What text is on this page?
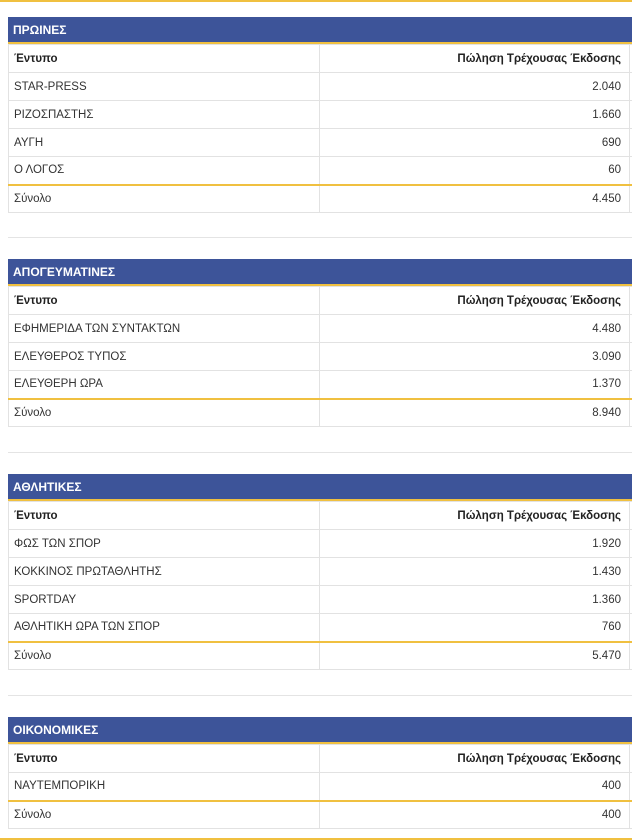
ΠΡΩΙΝΕΣ
Έντυπο	Πώληση Τρέχουσας Έκδοσης	
STAR-PRESS	2.040	
ΡΙΖΟΣΠΑΣΤΗΣ	1.660	
ΑΥΓΗ	690	
Ο ΛΟΓΟΣ	60	
Σύνολο	4.450	
ΑΠΟΓΕΥΜΑΤΙΝΕΣ
Έντυπο	Πώληση Τρέχουσας Έκδοσης	
ΕΦΗΜΕΡΙΔΑ ΤΩΝ ΣΥΝΤΑΚΤΩΝ	4.480	
ΕΛΕΥΘΕΡΟΣ ΤΥΠΟΣ	3.090	
ΕΛΕΥΘΕΡΗ ΩΡΑ	1.370	
Σύνολο	8.940	
ΑΘΛΗΤΙΚΕΣ
Έντυπο	Πώληση Τρέχουσας Έκδοσης	
ΦΩΣ ΤΩΝ ΣΠΟΡ	1.920	
ΚΟΚΚΙΝΟΣ ΠΡΩΤΑΘΛΗΤΗΣ	1.430	
SPORTDAY	1.360	
ΑΘΛΗΤΙΚΗ ΩΡΑ ΤΩΝ ΣΠΟΡ	760	
Σύνολο	5.470	
ΟΙΚΟΝΟΜΙΚΕΣ
Έντυπο	Πώληση Τρέχουσας Έκδοσης	
ΝΑΥΤΕΜΠΟΡΙΚΗ	400	
Σύνολο	400	
